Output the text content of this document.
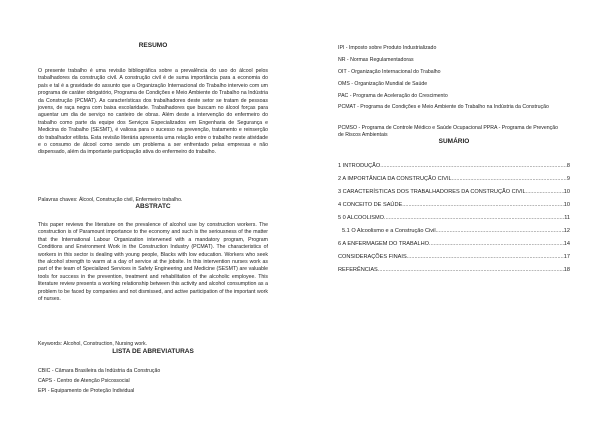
RESUMO

O presente trabalho é uma revisão bibliográfica sobre a prevalência do uso do álcool pelos trabalhadores da construção civil. A construção civil é de suma importância para a economia do país e tal é a gravidade do assunto que a Organização Internacional do Trabalho interveio com um programa de caráter obrigatório, Programa de Condições e Meio Ambiente do Trabalho na Indústria da Construção (PCMAT). As características dos trabalhadores deste setor se tratam de pessoas jovens, de raça negra com baixa escolaridade. Trabalhadores que buscam no álcool forças para aguentar um dia de serviço no canteiro de obras. Além deste a intervenção do enfermeiro do trabalho como parte da equipe dos Serviços Especializados em Engenharia de Segurança e Medicina do Trabalho (SESMT), é valiosa para o sucesso na prevenção, tratamento e reinserção do trabalhador etilista. Esta revisão literária apresenta uma relação entre o trabalho neste atividade e o consumo de álcool como sendo um problema a ser enfrentado pelas empresas e não dispensado, além da importante participação ativa do enfermeiro do trabalho.

Palavras chaves: Álcool, Construção civil, Enfermeiro trabalho.
ABSTRATC

This paper reviews the literature on the prevalence of alcohol use by construction workers. The construction is of Paramount importance to the economy and such is the seriousness of the matter that the International Labour Organization intervened with a mandatory program, Program Conditions and Environment Work in the Construction Industry (PCMAT). The characteristics of workers in this sector is dealing with young people, Blacks with low education. Workers who seek the alcohol strength to warm at a day of service at the jobsite. In this intervention nurses work as part of the team of Specialized Services in Safety Engineering and Medicine (SESMT) are valuable tools for success in the prevention, treatment and rehabilitation of the alcoholic employee. This literature review presents a working relationship between this activity and alcohol consumption as a problem to be faced by companies and not dismissed, and active participation of the important work of nurses.

Keywords: Alcohol, Construction, Nursing work.
LISTA DE ABREVIATURAS
CBIC - Câmara Brasileira da Indústria da Construção
CAPS - Centro de Atenção Psicossocial
EPI - Equipamento de Proteção Individual
IPI - Imposto sobre Produto Industrializado
NR - Normas Regulamentadoras
OIT - Organização Internacional do Trabalho
OMS - Organização Mundial de Saúde
PAC - Programa de Aceleração do Crescimento

PCMAT - Programa de Condições e Meio Ambiente do Trabalho na Indústria da Construção

PCMSO - Programa de Controle Médico e Saúde Ocupacional PPRA - Programa de Prevenção de Riscos Ambientais

SUMÁRIO
1 INTRODUÇÃO .....	8
2 A IMPORTÂNCIA DA CONSTRUÇÃO CIVIL .....	9
3 CARACTERÍSTICAS DOS TRABALHADORES DA CONSTRUÇÃO CIVIL .....	10
4 CONCEITO DE SAÚDE .....	10
5 0 ALCOOLISMO .....	11
5.1 O Alcoolismo e a Construção Civil .....	12
6 A ENFERMAGEM DO TRABALHO .....	14
CONSIDERAÇÕES FINAIS .....	17
REFERÊNCIAS .....	18
